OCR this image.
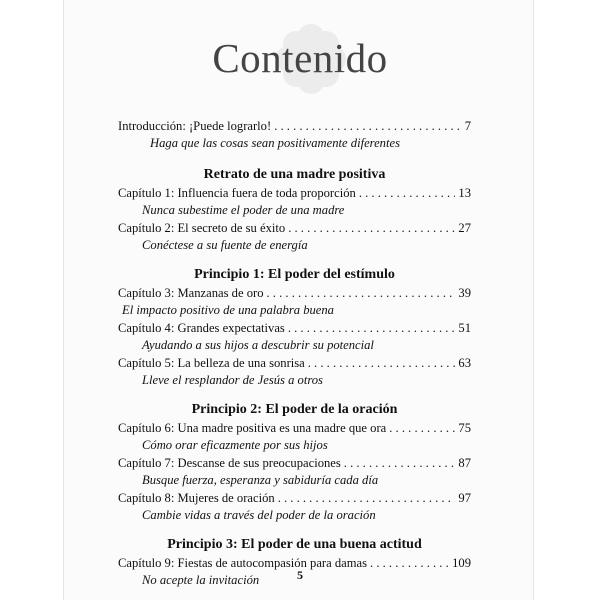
Contenido
Introducción: ¡Puede lograrlo! . . .	7
Haga que las cosas sean positivamente diferentes
Retrato de una madre positiva
Capítulo 1: Influencia fuera de toda proporción . . .	13
Nunca subestime el poder de una madre
Capítulo 2: El secreto de su éxito . . .	27
Conéctese a su fuente de energía
Principio 1: El poder del estímulo
Capítulo 3: Manzanas de oro . . .	39
El impacto positivo de una palabra buena
Capítulo 4: Grandes expectativas . . .	51
Ayudando a sus hijos a descubrir su potencial
Capítulo 5: La belleza de una sonrisa . . .	63
Lleve el resplandor de Jesús a otros
Principio 2: El poder de la oración
Capítulo 6: Una madre positiva es una madre que ora . . .	75
Cómo orar eficazmente por sus hijos
Capítulo 7: Descanse de sus preocupaciones . . .	87
Busque fuerza, esperanza y sabiduría cada día
Capítulo 8: Mujeres de oración . . .	97
Cambie vidas a través del poder de la oración
Principio 3: El poder de una buena actitud
Capítulo 9: Fiestas de autocompasión para damas . . .	109
No acepte la invitación	5
